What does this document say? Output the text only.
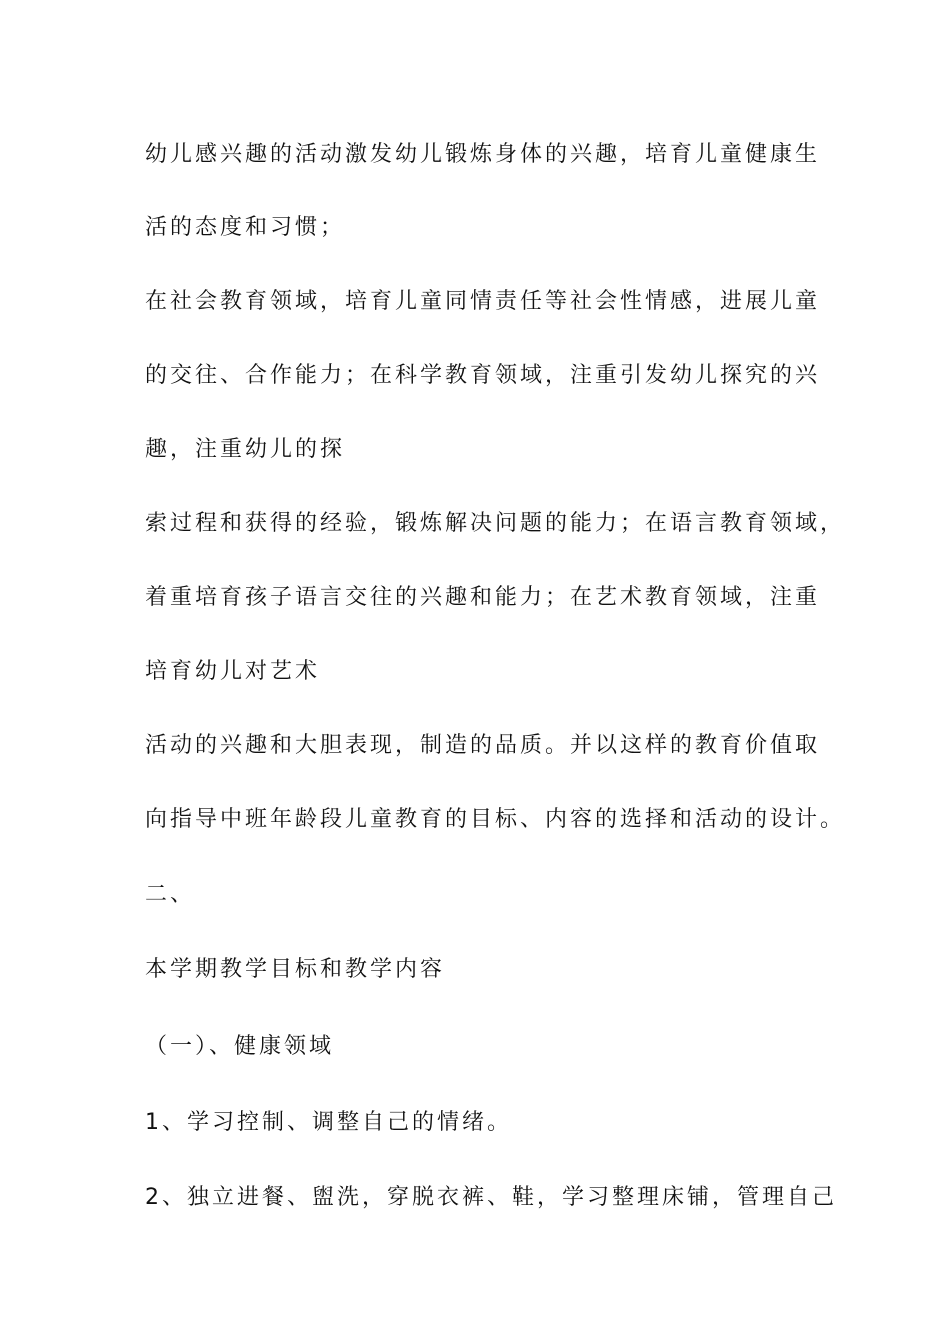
幼儿感兴趣的活动激发幼儿锻炼身体的兴趣，培育儿童健康生
活的态度和习惯；
在社会教育领域，培育儿童同情责任等社会性情感，进展儿童
的交往、合作能力；在科学教育领域，注重引发幼儿探究的兴
趣，注重幼儿的探
索过程和获得的经验，锻炼解决问题的能力；在语言教育领域，
着重培育孩子语言交往的兴趣和能力；在艺术教育领域，注重
培育幼儿对艺术
活动的兴趣和大胆表现，制造的品质。并以这样的教育价值取
向指导中班年龄段儿童教育的目标、内容的选择和活动的设计。
二、
本学期教学目标和教学内容
（一）、健康领域
1、学习控制、调整自己的情绪。
2、独立进餐、盥洗，穿脱衣裤、鞋，学习整理床铺，管理自己
